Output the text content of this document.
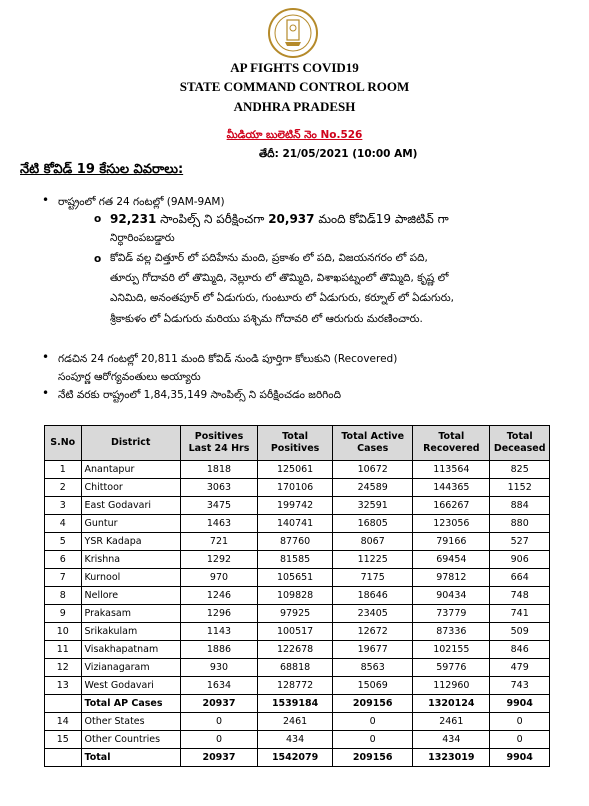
AP FIGHTS COVID19
STATE COMMAND CONTROL ROOM
ANDHRA PRADESH
మీడియా బులెటిన్ నెం No.526
తేదీ: 21/05/2021 (10:00 AM)
నేటి కోవిడ్ 19 కేసుల వివరాలు:
• రాష్ట్రంలో గత 24 గంటల్లో (9AM-9AM)
o 92,231 సాంపిల్స్ ని పరీక్షించగా 20,937 మంది కోవిడ్19 పాజిటివ్ గా
నిర్ధారింపబడ్డారు
o కోవిడ్ వల్ల చిత్తూర్ లో పదిహేను మంది, ప్రకాశం లో పది, విజయనగరం లో పది,
తూర్పు గోదావరి లో తొమ్మిది, నెల్లూరు లో తొమ్మిది, విశాఖపట్నంలో తొమ్మిది, కృష్ణ లో
ఎనిమిది, అనంతపూర్ లో ఏడుగురు, గుంటూరు లో ఏడుగురు, కర్నూల్ లో ఏడుగురు,
శ్రీకాకుళం లో ఏడుగురు మరియు పశ్చిమ గోదావరి లో ఆరుగురు మరణించారు.
• గడచిన 24 గంటల్లో 20,811 మంది కోవిడ్ నుండి పూర్తిగా కోలుకుని (Recovered)
సంపూర్ణ ఆరోగ్యవంతులు అయ్యారు
• నేటి వరకు రాష్ట్రంలో 1,84,35,149 సాంపిల్స్ ని పరీక్షించడం జరిగింది
S.No	District	Positives Last 24 Hrs	Total Positives	Total Active Cases	Total Recovered	Total Deceased
1	Anantapur	1818	125061	10672	113564	825
2	Chittoor	3063	170106	24589	144365	1152
3	East Godavari	3475	199742	32591	166267	884
4	Guntur	1463	140741	16805	123056	880
5	YSR Kadapa	721	87760	8067	79166	527
6	Krishna	1292	81585	11225	69454	906
7	Kurnool	970	105651	7175	97812	664
8	Nellore	1246	109828	18646	90434	748
9	Prakasam	1296	97925	23405	73779	741
10	Srikakulam	1143	100517	12672	87336	509
11	Visakhapatnam	1886	122678	19677	102155	846
12	Vizianagaram	930	68818	8563	59776	479
13	West Godavari	1634	128772	15069	112960	743
	Total AP Cases	20937	1539184	209156	1320124	9904
14	Other States	0	2461	0	2461	0
15	Other Countries	0	434	0	434	0
	Total	20937	1542079	209156	1323019	9904
